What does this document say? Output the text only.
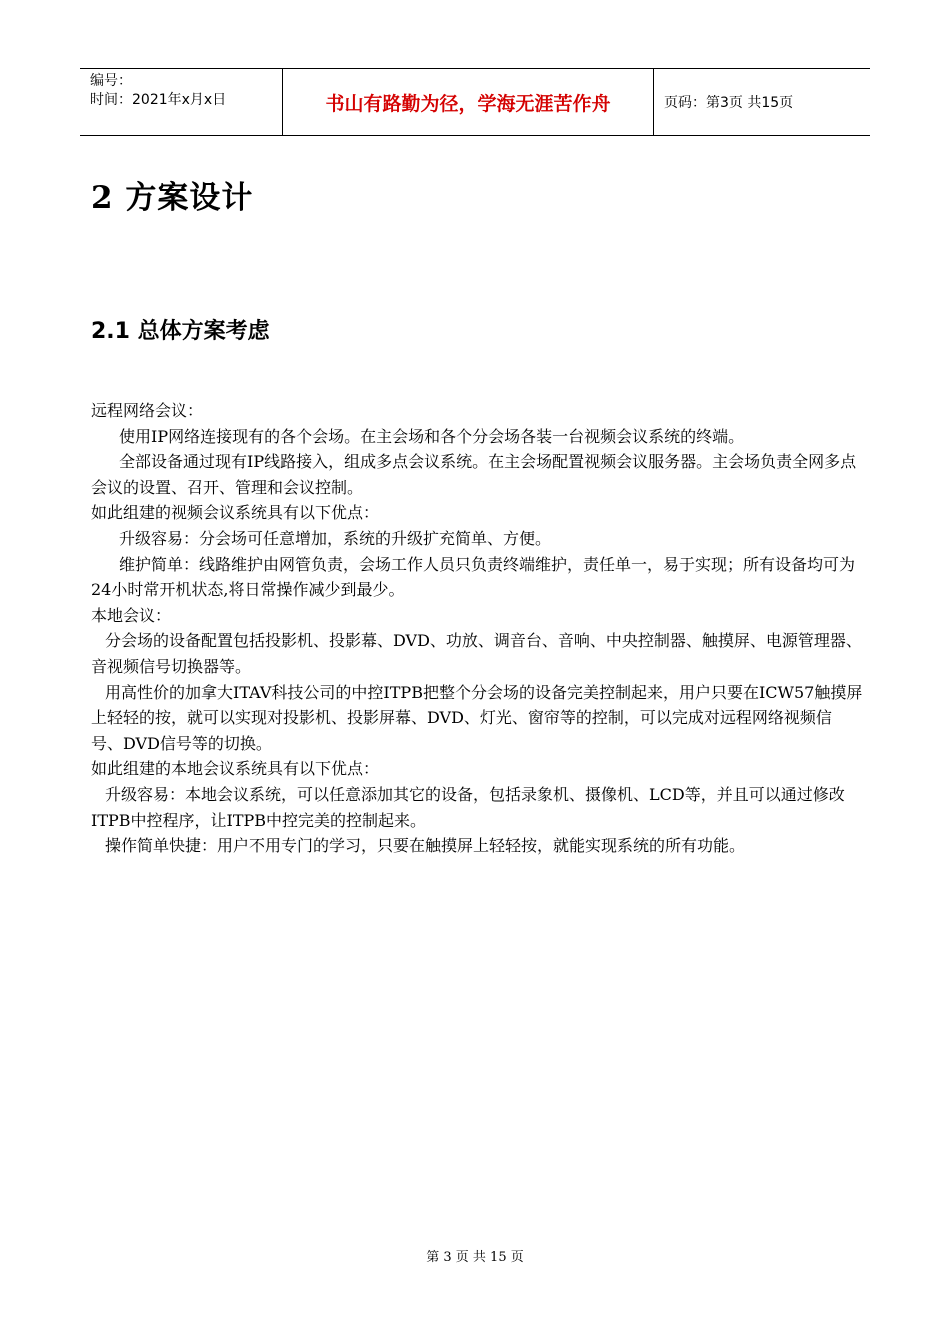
编号：
时间：2021年x月x日	书山有路勤为径，学海无涯苦作舟	页码：第3页 共15页
2 方案设计
2.1 总体方案考虑

远程网络会议：

使用IP网络连接现有的各个会场。在主会场和各个分会场各装一台视频会议系统的终端。

全部设备通过现有IP线路接入，组成多点会议系统。在主会场配置视频会议服务器。主会场负责全网多点会议的设置、召开、管理和会议控制。

如此组建的视频会议系统具有以下优点：

升级容易：分会场可任意增加，系统的升级扩充简单、方便。

维护简单：线路维护由网管负责，会场工作人员只负责终端维护，责任单一，易于实现；所有设备均可为24小时常开机状态,将日常操作减少到最少。

本地会议：

分会场的设备配置包括投影机、投影幕、DVD、功放、调音台、音响、中央控制器、触摸屏、电源管理器、音视频信号切换器等。

用高性价的加拿大ITAV科技公司的中控ITPB把整个分会场的设备完美控制起来，用户只要在ICW57触摸屏上轻轻的按，就可以实现对投影机、投影屏幕、DVD、灯光、窗帘等的控制，可以完成对远程网络视频信号、DVD信号等的切换。

如此组建的本地会议系统具有以下优点：

升级容易：本地会议系统，可以任意添加其它的设备，包括录象机、摄像机、LCD等，并且可以通过修改ITPB中控程序，让ITPB中控完美的控制起来。

操作简单快捷：用户不用专门的学习，只要在触摸屏上轻轻按，就能实现系统的所有功能。

第 3 页 共 15 页
